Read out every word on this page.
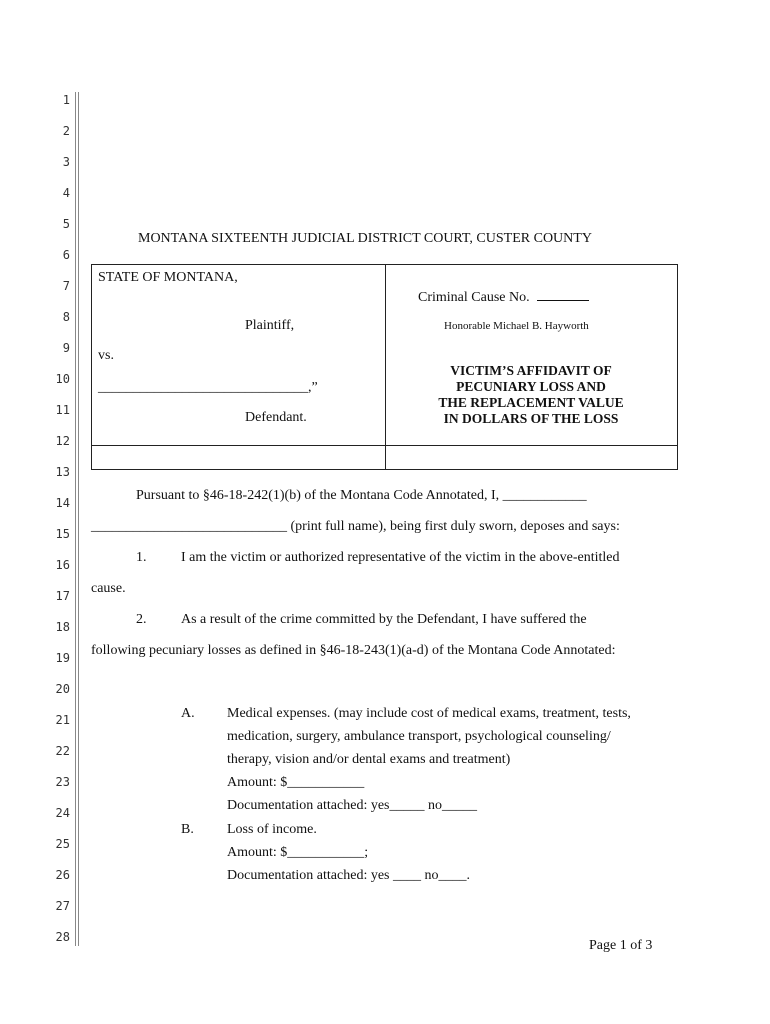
1
2
3
4
5
6
7
8
9
10
11
12
13
14
15
16
17
18
19
20
21
22
23
24
25
26
27
28
MONTANA SIXTEENTH JUDICIAL DISTRICT COURT, CUSTER COUNTY
STATE OF MONTANA,
Plaintiff,
vs.
______________________________,”
Defendant.
Criminal Cause No.
Honorable Michael B. Hayworth
VICTIM’S AFFIDAVIT OF
PECUNIARY LOSS AND
THE REPLACEMENT VALUE
IN DOLLARS OF THE LOSS
Pursuant to §46-18-242(1)(b) of the Montana Code Annotated, I, ____________
____________________________ (print full name), being first duly sworn, deposes and says:
1. I am the victim or authorized representative of the victim in the above-entitled
cause.
2. As a result of the crime committed by the Defendant, I have suffered the
following pecuniary losses as defined in §46-18-243(1)(a-d) of the Montana Code Annotated:
A. Medical expenses. (may include cost of medical exams, treatment, tests,
medication, surgery, ambulance transport, psychological counseling/
therapy, vision and/or dental exams and treatment)
Amount: $___________
Documentation attached: yes_____ no_____
B. Loss of income.
Amount: $___________;
Documentation attached: yes ____ no____.
Page 1 of 3
